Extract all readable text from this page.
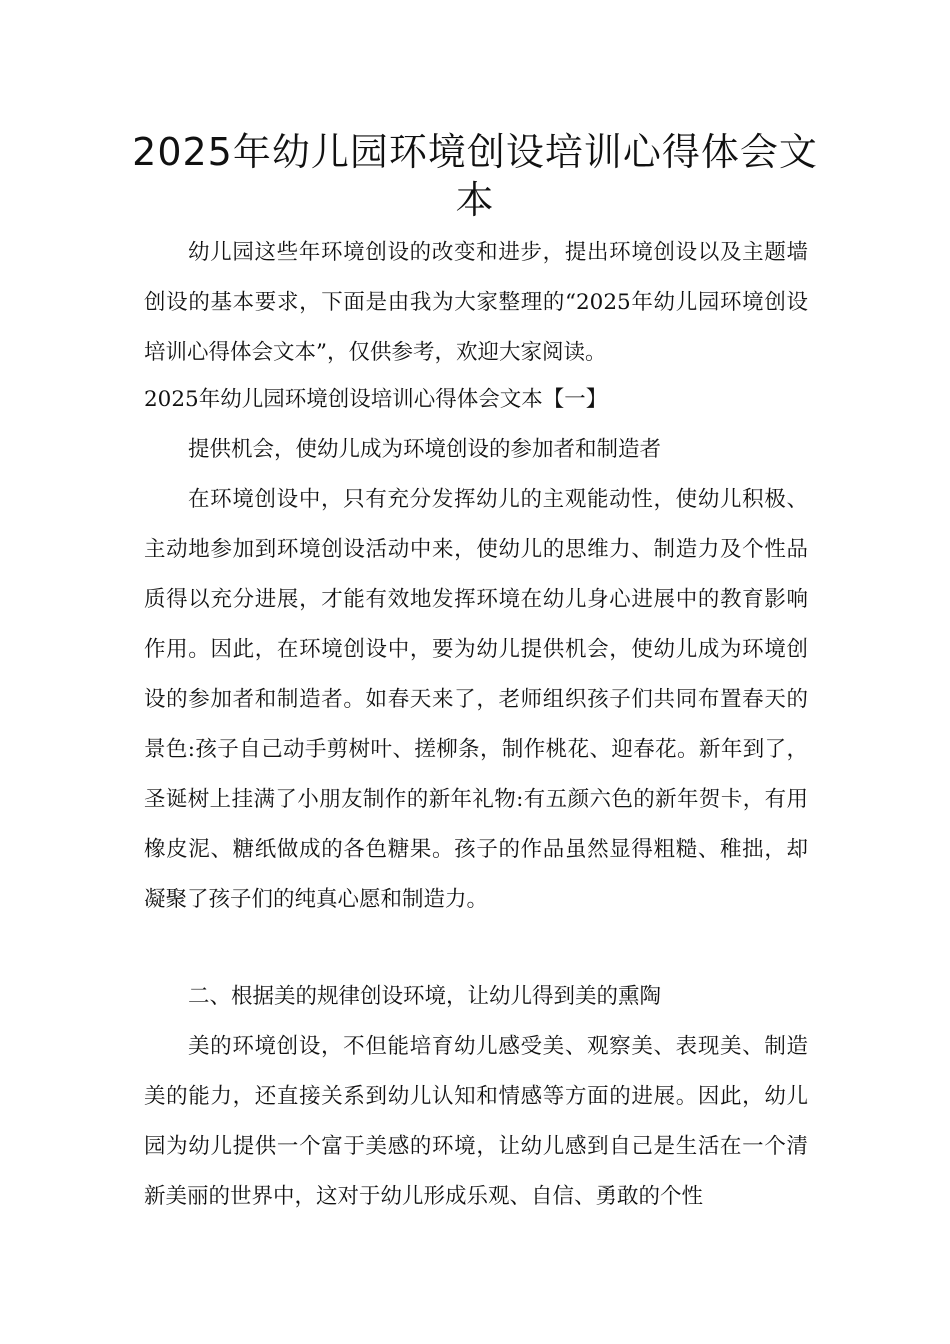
2025年幼儿园环境创设培训心得体会文本

幼儿园这些年环境创设的改变和进步，提出环境创设以及主题墙创设的基本要求，下面是由我为大家整理的“2025年幼儿园环境创设培训心得体会文本”，仅供参考，欢迎大家阅读。

2025年幼儿园环境创设培训心得体会文本【一】

提供机会，使幼儿成为环境创设的参加者和制造者

在环境创设中，只有充分发挥幼儿的主观能动性，使幼儿积极、主动地参加到环境创设活动中来，使幼儿的思维力、制造力及个性品质得以充分进展，才能有效地发挥环境在幼儿身心进展中的教育影响作用。因此，在环境创设中，要为幼儿提供机会，使幼儿成为环境创设的参加者和制造者。如春天来了，老师组织孩子们共同布置春天的景色:孩子自己动手剪树叶、搓柳条，制作桃花、迎春花。新年到了，圣诞树上挂满了小朋友制作的新年礼物:有五颜六色的新年贺卡，有用橡皮泥、糖纸做成的各色糖果。孩子的作品虽然显得粗糙、稚拙，却凝聚了孩子们的纯真心愿和制造力。

二、根据美的规律创设环境，让幼儿得到美的熏陶

美的环境创设，不但能培育幼儿感受美、观察美、表现美、制造美的能力，还直接关系到幼儿认知和情感等方面的进展。因此，幼儿园为幼儿提供一个富于美感的环境，让幼儿感到自己是生活在一个清新美丽的世界中，这对于幼儿形成乐观、自信、勇敢的个性
